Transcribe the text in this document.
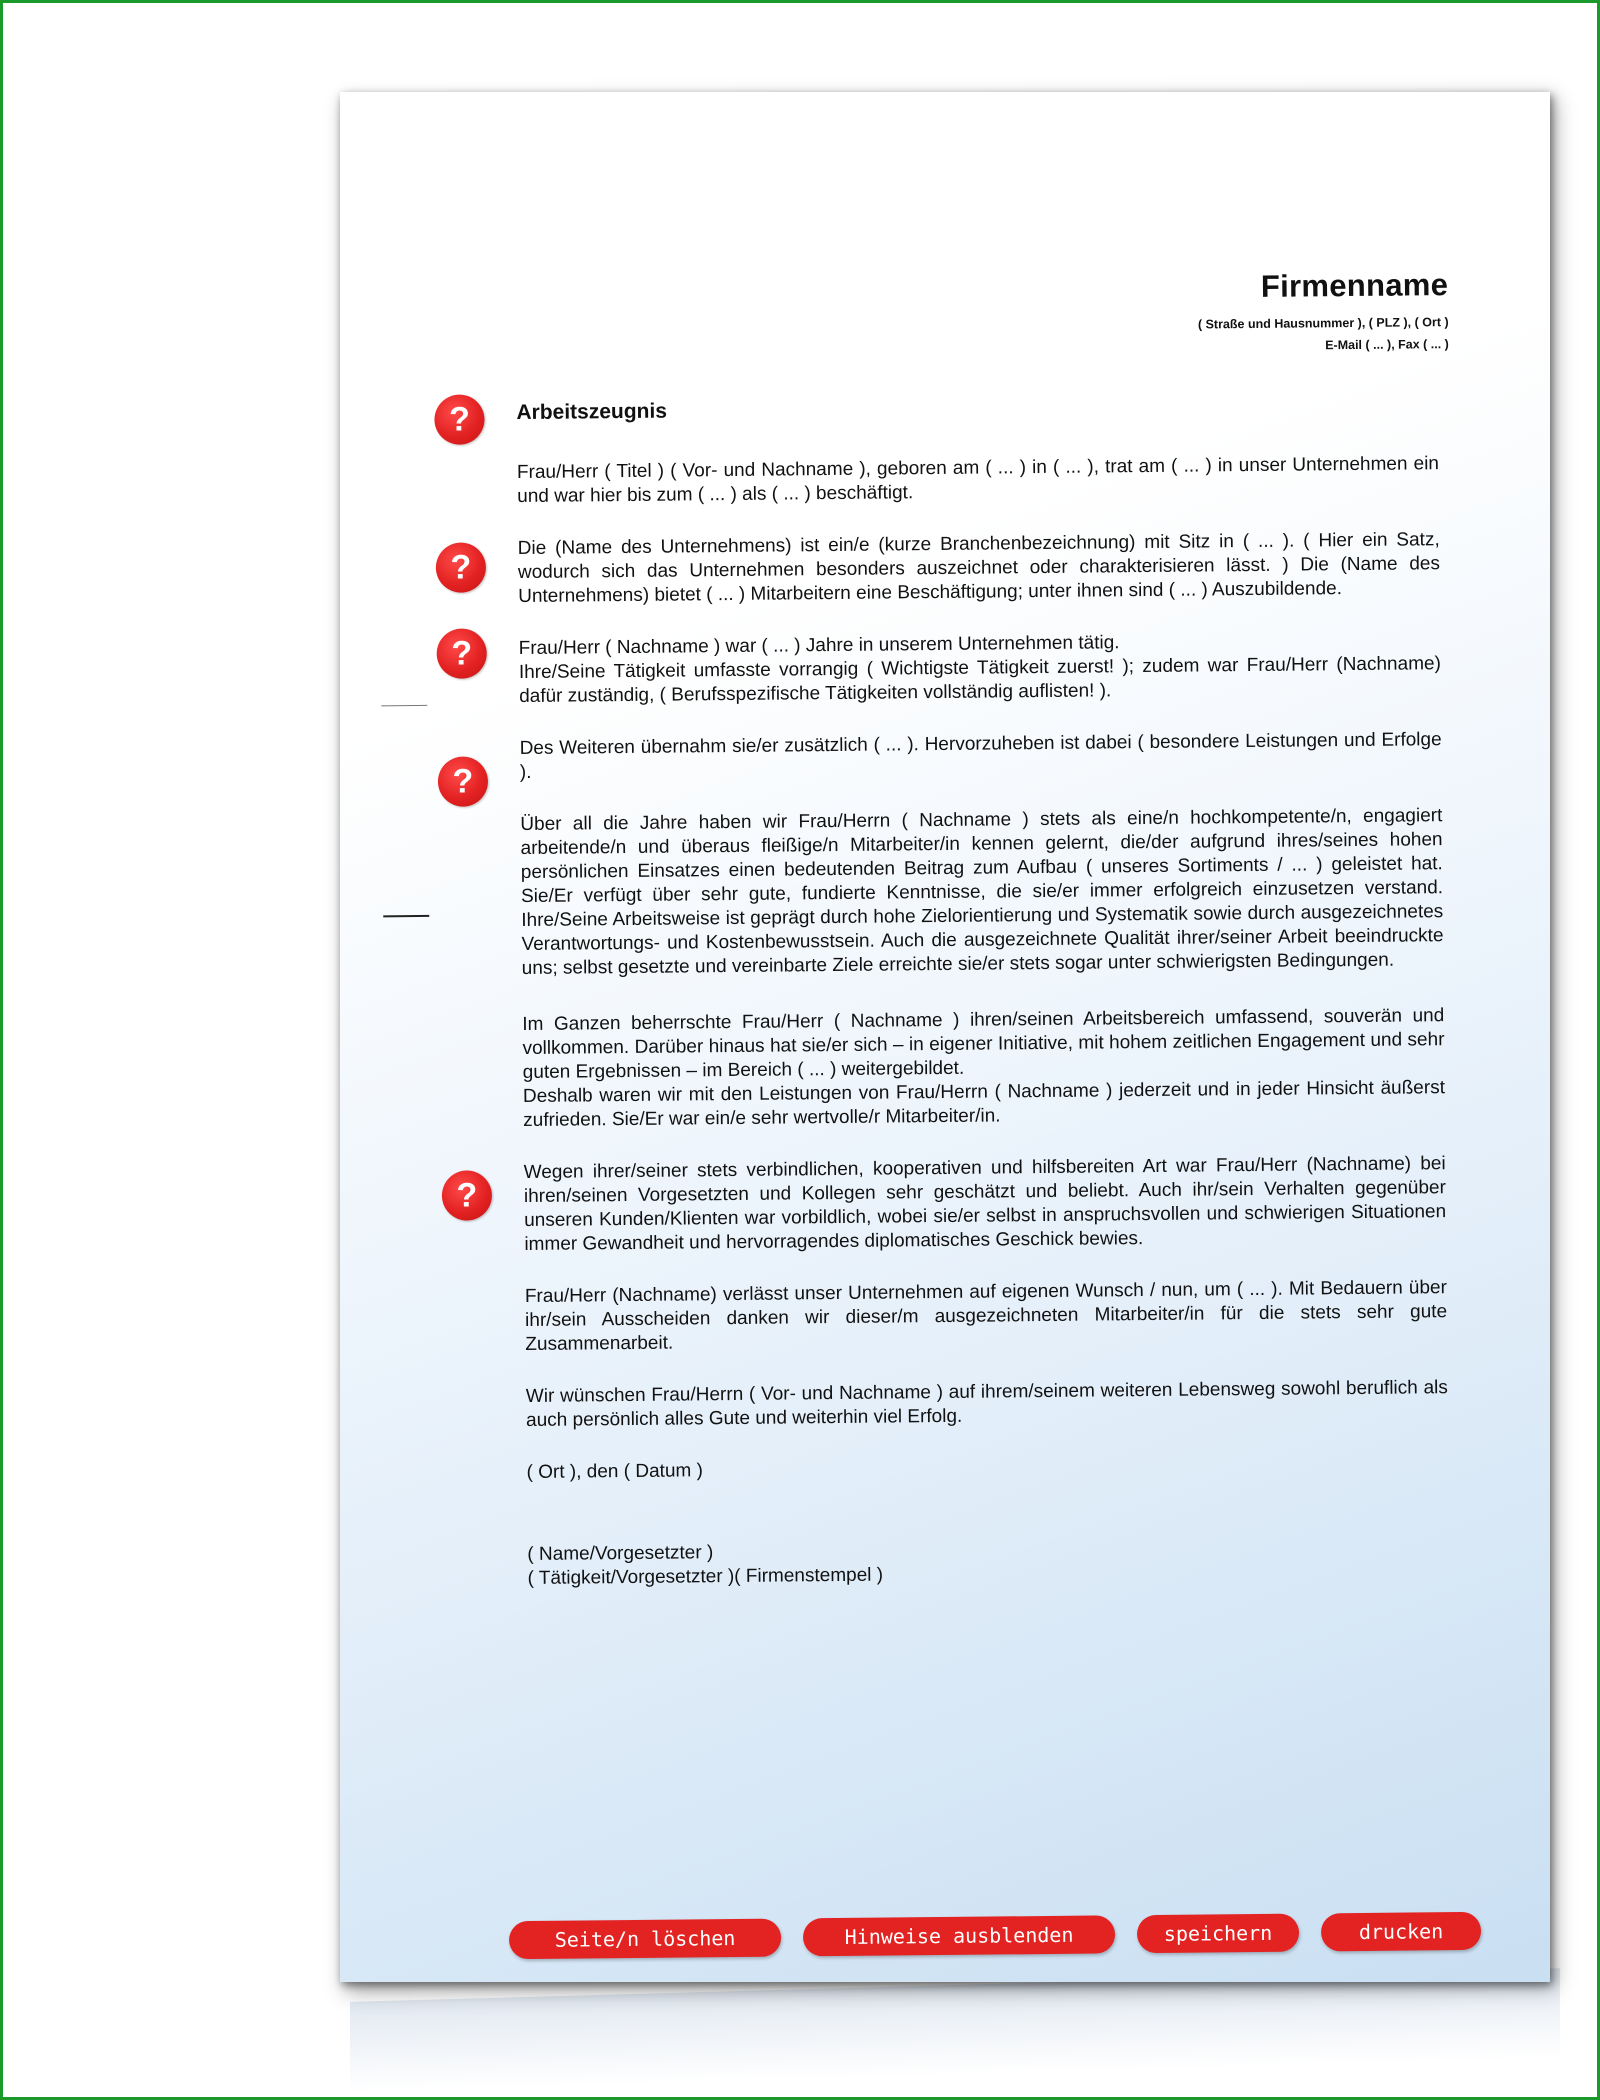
Firmenname
( Straße und Hausnummer ), ( PLZ ), ( Ort )
E-Mail ( ... ), Fax ( ... )
?	Arbeitszeugnis
?
?
?
?

Frau/Herr ( Titel ) ( Vor- und Nachname ), geboren am ( ... ) in ( ... ), trat am ( ... ) in unser Unternehmen ein und war hier bis zum ( ... ) als ( ... ) beschäftigt.

Die (Name des Unternehmens) ist ein/e (kurze Branchenbezeichnung) mit Sitz in ( ... ). ( Hier ein Satz, wodurch sich das Unternehmen besonders auszeichnet oder charakterisieren lässt. ) Die (Name des Unternehmens) bietet ( ... ) Mitarbeitern eine Beschäftigung; unter ihnen sind ( ... ) Auszubildende.

Frau/Herr ( Nachname ) war ( ... ) Jahre in unserem Unternehmen tätig.

Ihre/Seine Tätigkeit umfasste vorrangig ( Wichtigste Tätigkeit zuerst! ); zudem war Frau/Herr (Nachname) dafür zuständig, ( Berufsspezifische Tätigkeiten vollständig auflisten! ).

Des Weiteren übernahm sie/er zusätzlich ( ... ). Hervorzuheben ist dabei ( besondere Leistungen und Erfolge ).

Über all die Jahre haben wir Frau/Herrn ( Nachname ) stets als eine/n hochkompetente/n, engagiert arbeitende/n und überaus fleißige/n Mitarbeiter/in kennen gelernt, die/der aufgrund ihres/seines hohen persönlichen Einsatzes einen bedeutenden Beitrag zum Aufbau ( unseres Sortiments / ... ) geleistet hat. Sie/Er verfügt über sehr gute, fundierte Kenntnisse, die sie/er immer erfolgreich einzusetzen verstand. Ihre/Seine Arbeitsweise ist geprägt durch hohe Zielorientierung und Systematik sowie durch ausgezeichnetes Verantwortungs- und Kostenbewusstsein. Auch die ausgezeichnete Qualität ihrer/seiner Arbeit beeindruckte uns; selbst gesetzte und vereinbarte Ziele erreichte sie/er stets sogar unter schwierigsten Bedingungen.

Im Ganzen beherrschte Frau/Herr ( Nachname ) ihren/seinen Arbeitsbereich umfassend, souverän und vollkommen. Darüber hinaus hat sie/er sich – in eigener Initiative, mit hohem zeitlichen Engagement und sehr guten Ergebnissen – im Bereich ( ... ) weitergebildet.

Deshalb waren wir mit den Leistungen von Frau/Herrn ( Nachname ) jederzeit und in jeder Hinsicht äußerst zufrieden. Sie/Er war ein/e sehr wertvolle/r Mitarbeiter/in.

Wegen ihrer/seiner stets verbindlichen, kooperativen und hilfsbereiten Art war Frau/Herr (Nachname) bei ihren/seinen Vorgesetzten und Kollegen sehr geschätzt und beliebt. Auch ihr/sein Verhalten gegenüber unseren Kunden/Klienten war vorbildlich, wobei sie/er selbst in anspruchsvollen und schwierigen Situationen immer Gewandheit und hervorragendes diplomatisches Geschick bewies.

Frau/Herr (Nachname) verlässt unser Unternehmen auf eigenen Wunsch / nun, um ( ... ). Mit Bedauern über ihr/sein Ausscheiden danken wir dieser/m ausgezeichneten Mitarbeiter/in für die stets sehr gute Zusammenarbeit.

Wir wünschen Frau/Herrn ( Vor- und Nachname ) auf ihrem/seinem weiteren Lebensweg sowohl beruflich als auch persönlich alles Gute und weiterhin viel Erfolg.

( Ort ), den ( Datum )
( Name/Vorgesetzter )
( Tätigkeit/Vorgesetzter )( Firmenstempel )
Seite/n löschen	Hinweise ausblenden	speichern	drucken
